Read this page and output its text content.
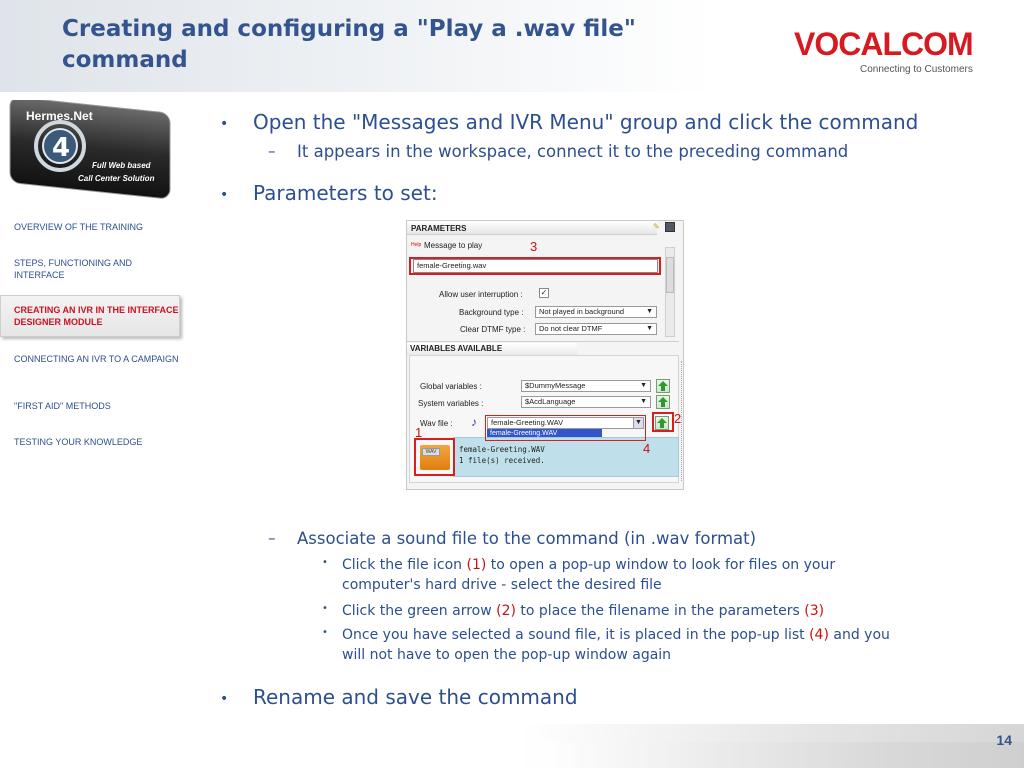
Creating and configuring a "Play a .wav file" command	VOCALCOM
Connecting to Customers
4
Hermes.Net
Full Web based
Call Center Solution
OVERVIEW OF THE TRAINING
STEPS, FUNCTIONING AND INTERFACE
CREATING AN IVR IN THE INTERFACE DESIGNER MODULE
CONNECTING AN IVR TO A CAMPAIGN
"FIRST AID" METHODS
TESTING YOUR KNOWLEDGE
• Open the "Messages and IVR Menu" group and click the command
– It appears in the workspace, connect it to the preceding command
• Parameters to set:
PARAMETERS	✎
Help Message to play
female-Greeting.wav
Allow user interruption : ✓
Background type :	Not played in background	▼
Clear DTMF type :	Do not clear DTMF	▼
VARIABLES AVAILABLE
Global variables :	$DummyMessage	▼
System variables :	$AcdLanguage	▼
Wav file : ♪	female-Greeting.WAV	▼
female-Greeting.WAV
female-Greeting.WAV
1 file(s) received.
WAV
3
2
1
4
– Associate a sound file to the command (in .wav format)
• Click the file icon (1) to open a pop-up window to look for files on your
computer's hard drive - select the desired file
• Click the green arrow (2) to place the filename in the parameters (3)
• Once you have selected a sound file, it is placed in the pop-up list (4) and you
will not have to open the pop-up window again
• Rename and save the command
14
